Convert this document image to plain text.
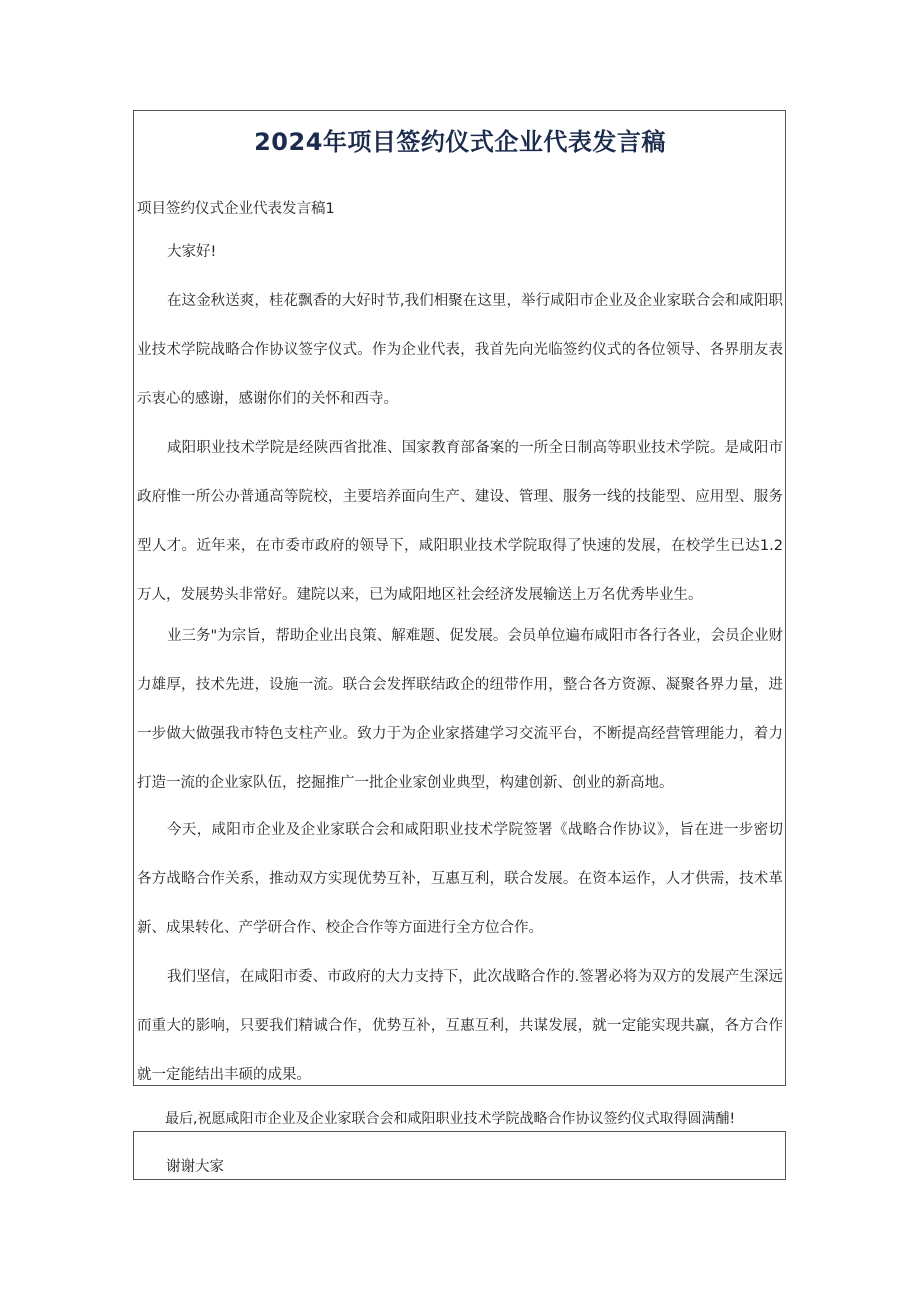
2024年项目签约仪式企业代表发言稿
项目签约仪式企业代表发言稿1

大家好!

在这金秋送爽，桂花飘香的大好时节,我们相聚在这里，举行咸阳市企业及企业家联合会和咸阳职业技术学院战略合作协议签字仪式。作为企业代表，我首先向光临签约仪式的各位领导、各界朋友表示衷心的感谢，感谢你们的关怀和西寺。

咸阳职业技术学院是经陕西省批准、国家教育部备案的一所全日制高等职业技术学院。是咸阳市政府惟一所公办普通高等院校，主要培养面向生产、建设、管理、服务一线的技能型、应用型、服务型人才。近年来，在市委市政府的领导下，咸阳职业技术学院取得了快速的发展，在校学生已达1.2万人，发展势头非常好。建院以来，已为咸阳地区社会经济发展输送上万名优秀毕业生。

业三务"为宗旨，帮助企业出良策、解难题、促发展。会员单位遍布咸阳市各行各业，会员企业财力雄厚，技术先进，设施一流。联合会发挥联结政企的纽带作用，整合各方资源、凝聚各界力量，进一步做大做强我市特色支柱产业。致力于为企业家搭建学习交流平台，不断提高经营管理能力，着力打造一流的企业家队伍，挖掘推广一批企业家创业典型，构建创新、创业的新高地。

今天，咸阳市企业及企业家联合会和咸阳职业技术学院签署《战略合作协议》，旨在进一步密切各方战略合作关系，推动双方实现优势互补，互惠互利，联合发展。在资本运作，人才供需，技术革新、成果转化、产学研合作、校企合作等方面进行全方位合作。

我们坚信，在咸阳市委、市政府的大力支持下，此次战略合作的.签署必将为双方的发展产生深远而重大的影响，只要我们精诚合作，优势互补，互惠互利，共谋发展，就一定能实现共赢，各方合作就一定能结出丰硕的成果。

最后,祝愿咸阳市企业及企业家联合会和咸阳职业技术学院战略合作协议签约仪式取得圆满酺!
谢谢大家
